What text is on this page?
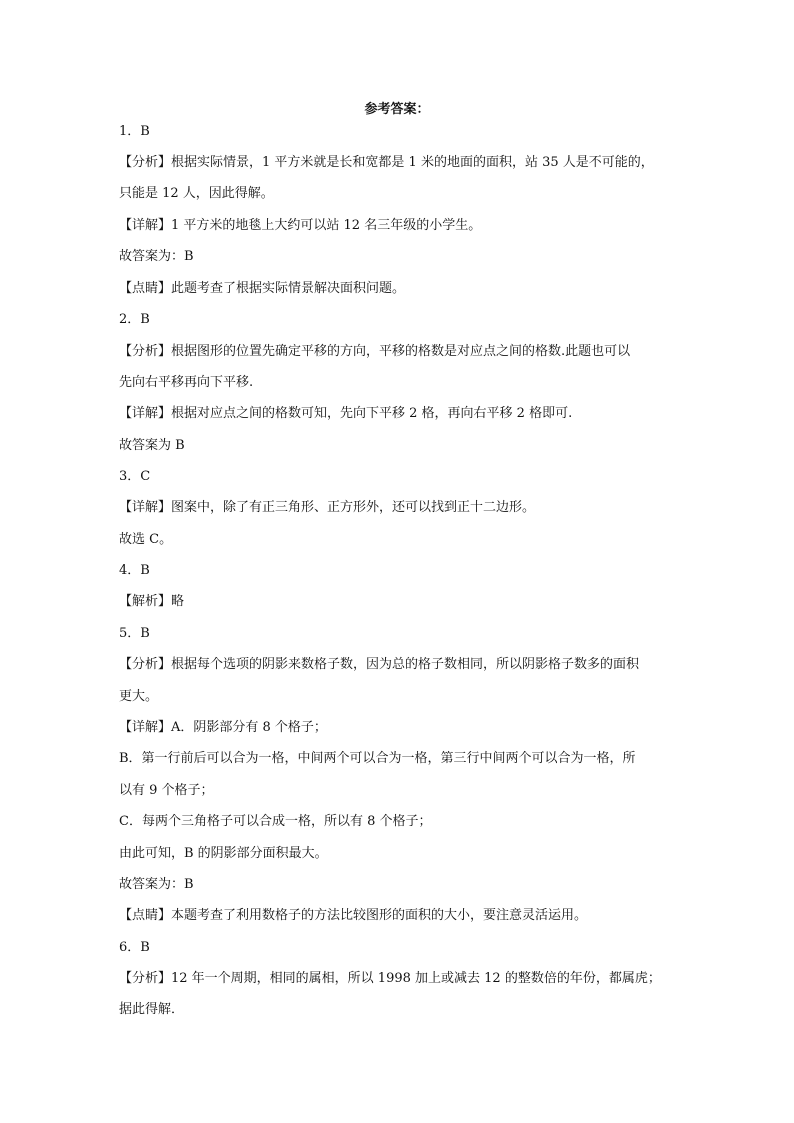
参考答案：
1．B
【分析】根据实际情景，1 平方米就是长和宽都是 1 米的地面的面积，站 35 人是不可能的，
只能是 12 人，因此得解。
【详解】1 平方米的地毯上大约可以站 12 名三年级的小学生。
故答案为：B
【点睛】此题考查了根据实际情景解决面积问题。
2．B
【分析】根据图形的位置先确定平移的方向，平移的格数是对应点之间的格数.此题也可以
先向右平移再向下平移.
【详解】根据对应点之间的格数可知，先向下平移 2 格，再向右平移 2 格即可.
故答案为 B
3．C
【详解】图案中，除了有正三角形、正方形外，还可以找到正十二边形。
故选 C。
4．B
【解析】略
5．B
【分析】根据每个选项的阴影来数格子数，因为总的格子数相同，所以阴影格子数多的面积
更大。
【详解】A．阴影部分有 8 个格子；
B．第一行前后可以合为一格，中间两个可以合为一格，第三行中间两个可以合为一格，所
以有 9 个格子；
C．每两个三角格子可以合成一格，所以有 8 个格子；
由此可知，B 的阴影部分面积最大。
故答案为：B
【点睛】本题考查了利用数格子的方法比较图形的面积的大小，要注意灵活运用。
6．B
【分析】12 年一个周期，相同的属相，所以 1998 加上或减去 12 的整数倍的年份，都属虎；
据此得解．
